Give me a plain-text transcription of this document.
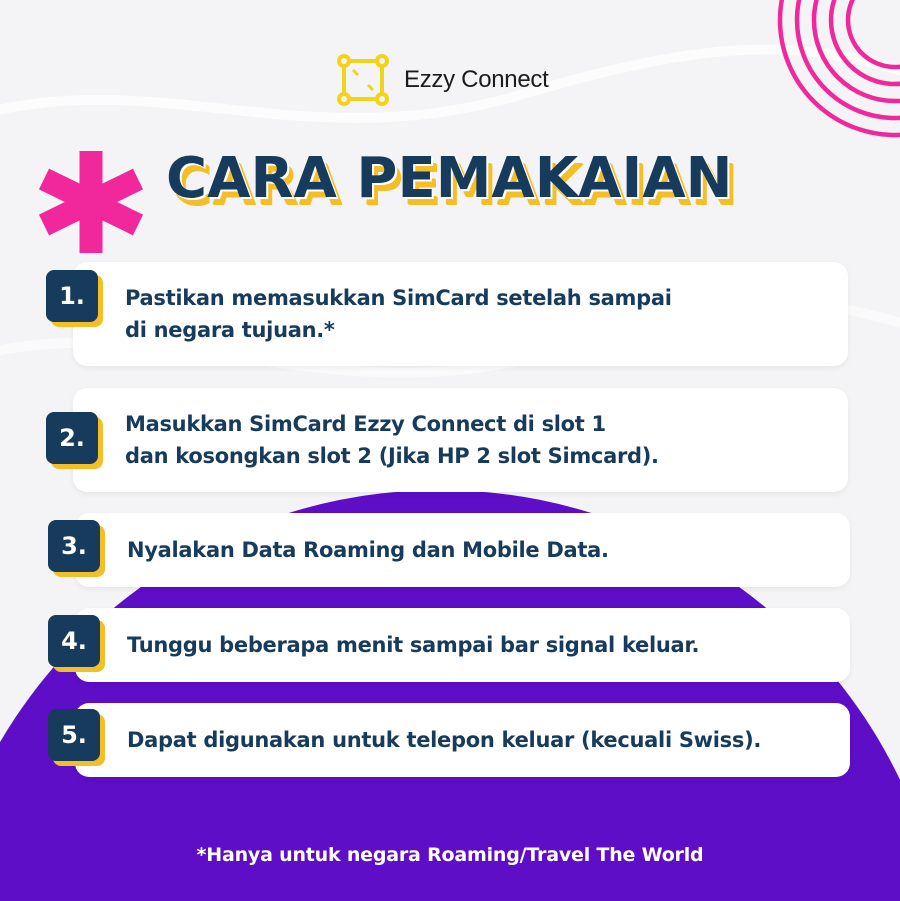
Ezzy Connect
CARA PEMAKAIAN
Pastikan memasukkan SimCard setelah sampai
di negara tujuan.*
1.
Masukkan SimCard Ezzy Connect di slot 1
dan kosongkan slot 2 (Jika HP 2 slot Simcard).
2.
Nyalakan Data Roaming dan Mobile Data.
3.
Tunggu beberapa menit sampai bar signal keluar.
4.
Dapat digunakan untuk telepon keluar (kecuali Swiss).
5.
*Hanya untuk negara Roaming/Travel The World
